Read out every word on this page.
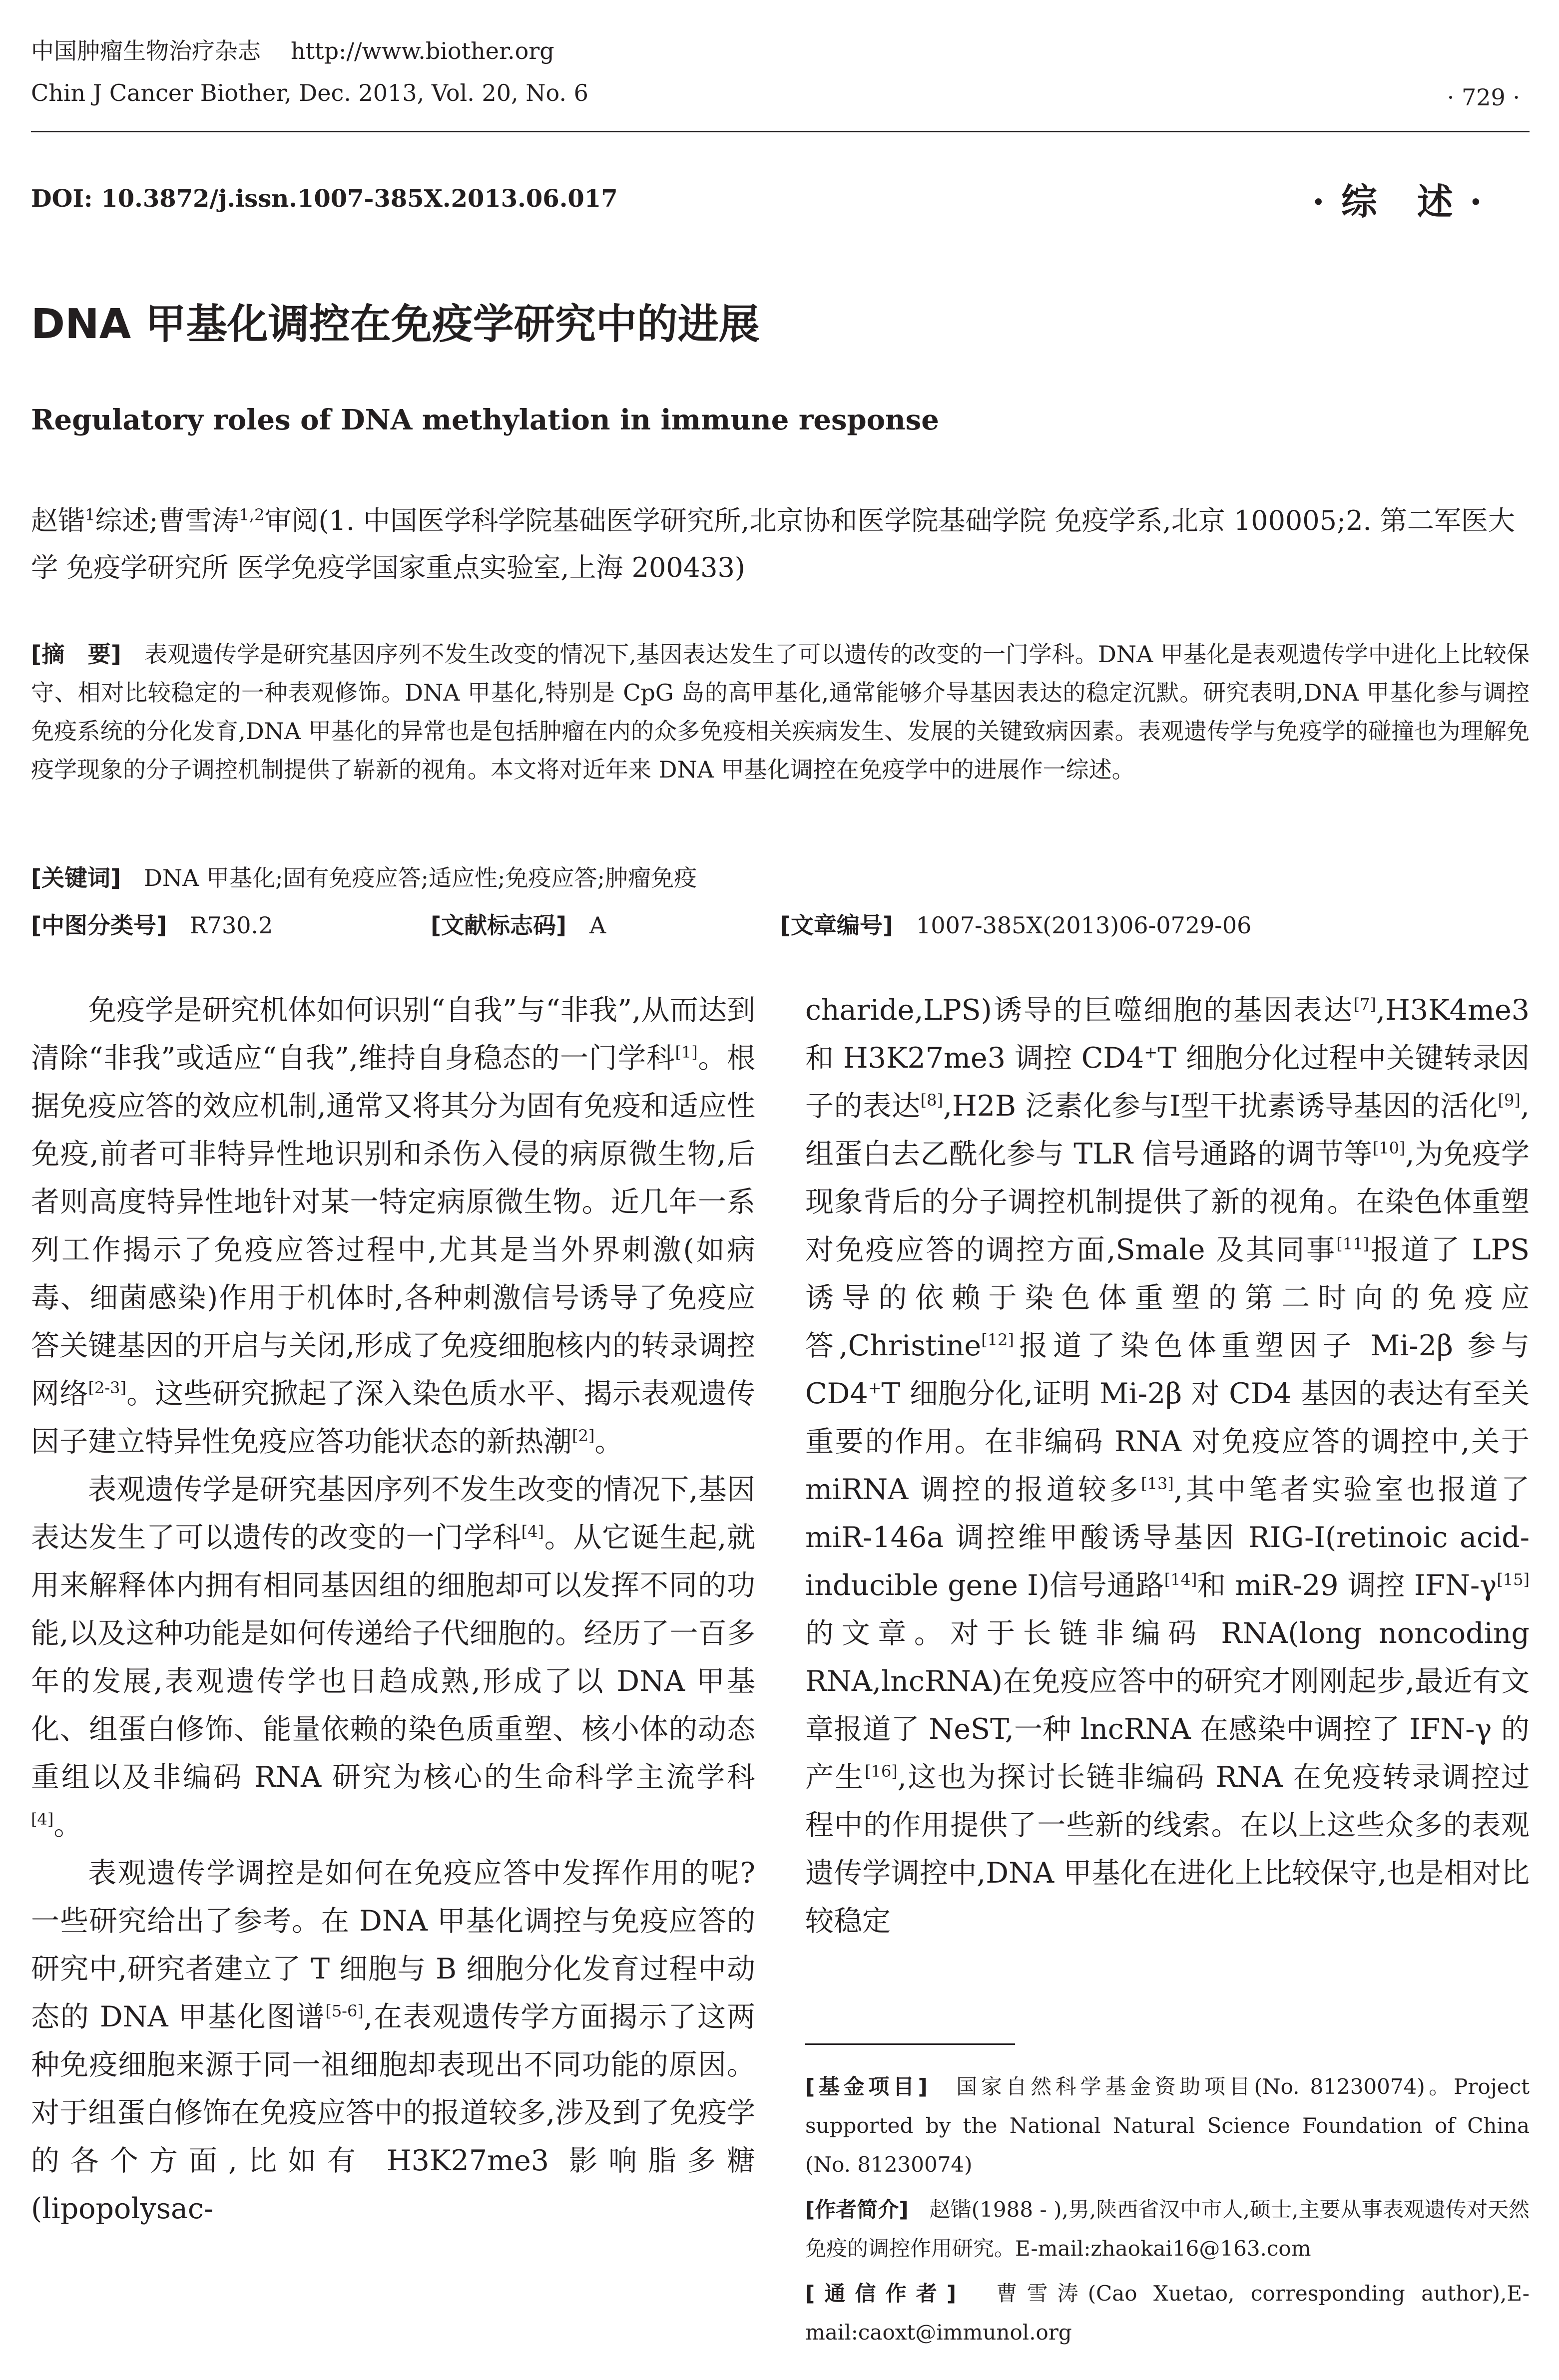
中国肿瘤生物治疗杂志 http://www.biother.org
Chin J Cancer Biother, Dec. 2013, Vol. 20, No. 6	· 729 ·
DOI: 10.3872/j.issn.1007-385X.2013.06.017	· 综　述 ·
DNA 甲基化调控在免疫学研究中的进展
Regulatory roles of DNA methylation in immune response
赵锴$^1$综述;曹雪涛$^{1,2}$审阅(1. 中国医学科学院基础医学研究所,北京协和医学院基础学院 免疫学系,北京 100005;2. 第二军医大学 免疫学研究所 医学免疫学国家重点实验室,上海 200433)
[摘　要]　 表观遗传学是研究基因序列不发生改变的情况下,基因表达发生了可以遗传的改变的一门学科。DNA 甲基化是表观遗传学中进化上比较保守、相对比较稳定的一种表观修饰。DNA 甲基化,特别是 CpG 岛的高甲基化,通常能够介导基因表达的稳定沉默。研究表明,DNA 甲基化参与调控免疫系统的分化发育,DNA 甲基化的异常也是包括肿瘤在内的众多免疫相关疾病发生、发展的关键致病因素。表观遗传学与免疫学的碰撞也为理解免疫学现象的分子调控机制提供了崭新的视角。本文将对近年来 DNA 甲基化调控在免疫学中的进展作一综述。
[关键词]　 DNA 甲基化;固有免疫应答;适应性;免疫应答;肿瘤免疫
[中图分类号]　 R730.2	[文献标志码]　 A	[文章编号]　 1007-385X(2013)06-0729-06

免疫学是研究机体如何识别“自我”与“非我”,从而达到清除“非我”或适应“自我”,维持自身稳态的一门学科[1]。根据免疫应答的效应机制,通常又将其分为固有免疫和适应性免疫,前者可非特异性地识别和杀伤入侵的病原微生物,后者则高度特异性地针对某一特定病原微生物。近几年一系列工作揭示了免疫应答过程中,尤其是当外界刺激(如病毒、细菌感染)作用于机体时,各种刺激信号诱导了免疫应答关键基因的开启与关闭,形成了免疫细胞核内的转录调控网络[2-3]。这些研究掀起了深入染色质水平、揭示表观遗传因子建立特异性免疫应答功能状态的新热潮[2]。

表观遗传学是研究基因序列不发生改变的情况下,基因表达发生了可以遗传的改变的一门学科[4]。从它诞生起,就用来解释体内拥有相同基因组的细胞却可以发挥不同的功能,以及这种功能是如何传递给子代细胞的。经历了一百多年的发展,表观遗传学也日趋成熟,形成了以 DNA 甲基化、组蛋白修饰、能量依赖的染色质重塑、核小体的动态重组以及非编码 RNA 研究为核心的生命科学主流学科[4]。

表观遗传学调控是如何在免疫应答中发挥作用的呢?一些研究给出了参考。在 DNA 甲基化调控与免疫应答的研究中,研究者建立了 T 细胞与 B 细胞分化发育过程中动态的 DNA 甲基化图谱[5-6],在表观遗传学方面揭示了这两种免疫细胞来源于同一祖细胞却表现出不同功能的原因。对于组蛋白修饰在免疫应答中的报道较多,涉及到了免疫学的各个方面,比如有 H3K27me3 影响脂多糖(lipopolysac-

charide,LPS)诱导的巨噬细胞的基因表达[7],H3K4me3 和 H3K27me3 调控 CD4+T 细胞分化过程中关键转录因子的表达[8],H2B 泛素化参与I型干扰素诱导基因的活化[9],组蛋白去乙酰化参与 TLR 信号通路的调节等[10],为免疫学现象背后的分子调控机制提供了新的视角。在染色体重塑对免疫应答的调控方面,Smale 及其同事[11]报道了 LPS 诱导的依赖于染色体重塑的第二时向的免疫应答,Christine[12]报道了染色体重塑因子 Mi-2β 参与 CD4+T 细胞分化,证明 Mi-2β 对 CD4 基因的表达有至关重要的作用。在非编码 RNA 对免疫应答的调控中,关于 miRNA 调控的报道较多[13],其中笔者实验室也报道了 miR-146a 调控维甲酸诱导基因 RIG-I(retinoic acid-inducible gene I)信号通路[14]和 miR-29 调控 IFN-γ[15]的文章。对于长链非编码 RNA(long noncoding RNA,lncRNA)在免疫应答中的研究才刚刚起步,最近有文章报道了 NeST,一种 lncRNA 在感染中调控了 IFN-γ 的产生[16],这也为探讨长链非编码 RNA 在免疫转录调控过程中的作用提供了一些新的线索。在以上这些众多的表观遗传学调控中,DNA 甲基化在进化上比较保守,也是相对比较稳定

[基金项目]　 国家自然科学基金资助项目(No. 81230074)。Project supported by the National Natural Science Foundation of China (No. 81230074)

[作者简介]　 赵锴(1988 - ),男,陕西省汉中市人,硕士,主要从事表观遗传对天然免疫的调控作用研究。E-mail:zhaokai16@163.com

[通信作者]　 曹雪涛(Cao Xuetao, corresponding author),E-mail:caoxt@immunol.org
